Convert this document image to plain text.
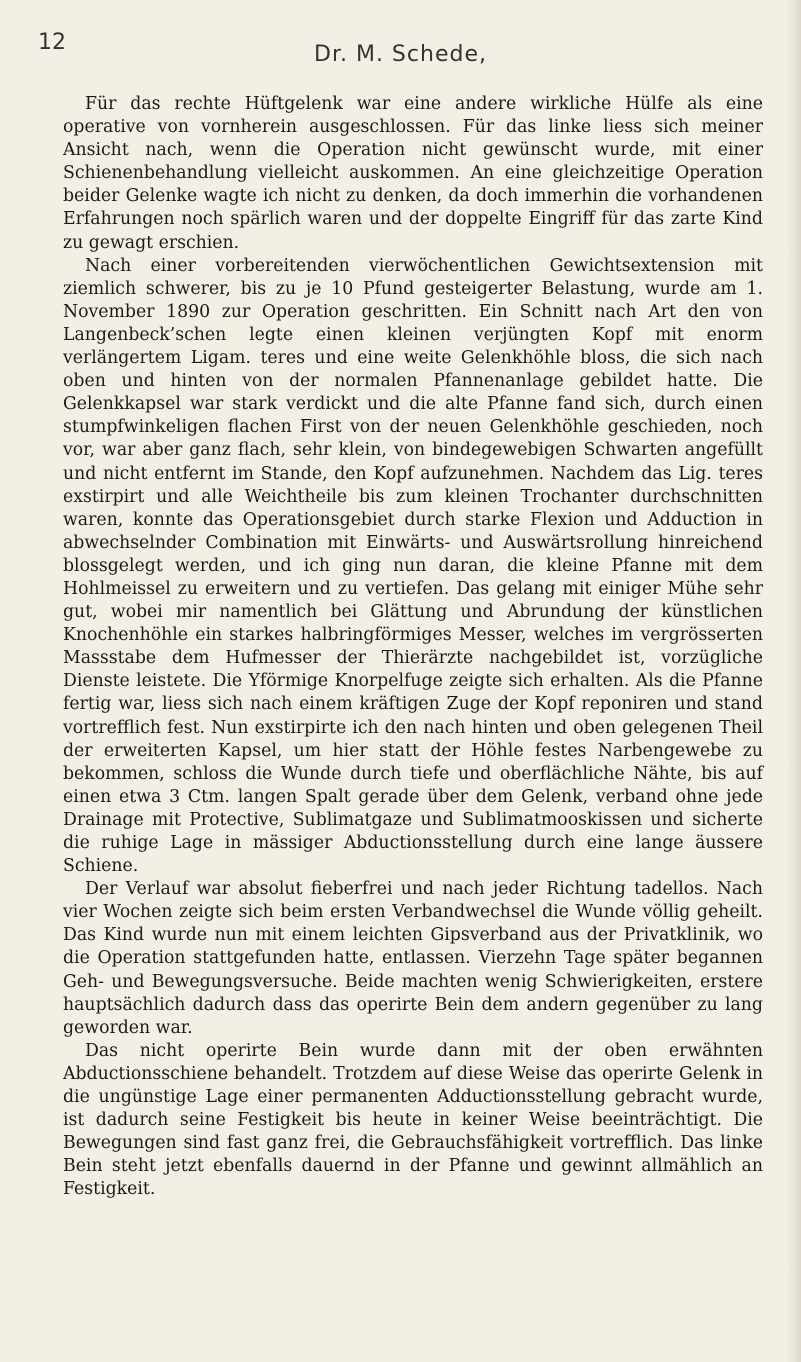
12	Dr. M. Schede,

Für das rechte Hüftgelenk war eine andere wirkliche Hülfe als eine operative von vornherein ausgeschlossen. Für das linke liess sich meiner Ansicht nach, wenn die Operation nicht gewünscht wurde, mit einer Schienenbehandlung vielleicht auskommen. An eine gleichzeitige Operation beider Gelenke wagte ich nicht zu denken, da doch immerhin die vorhandenen Erfahrungen noch spärlich waren und der doppelte Eingriff für das zarte Kind zu gewagt erschien.

Nach einer vorbereitenden vierwöchentlichen Gewichtsextension mit ziemlich schwerer, bis zu je 10 Pfund gesteigerter Belastung, wurde am 1. November 1890 zur Operation geschritten. Ein Schnitt nach Art den von Langenbeck’schen legte einen kleinen verjüngten Kopf mit enorm verlängertem Ligam. teres und eine weite Gelenkhöhle bloss, die sich nach oben und hinten von der normalen Pfannenanlage gebildet hatte. Die Gelenkkapsel war stark verdickt und die alte Pfanne fand sich, durch einen stumpfwinkeligen flachen First von der neuen Gelenkhöhle geschieden, noch vor, war aber ganz flach, sehr klein, von bindegewebigen Schwarten angefüllt und nicht entfernt im Stande, den Kopf aufzunehmen. Nachdem das Lig. teres exstirpirt und alle Weichtheile bis zum kleinen Trochanter durchschnitten waren, konnte das Operationsgebiet durch starke Flexion und Adduction in abwechselnder Combination mit Einwärts- und Auswärtsrollung hinreichend blossgelegt werden, und ich ging nun daran, die kleine Pfanne mit dem Hohlmeissel zu erweitern und zu vertiefen. Das gelang mit einiger Mühe sehr gut, wobei mir namentlich bei Glättung und Abrundung der künstlichen Knochenhöhle ein starkes halbringförmiges Messer, welches im vergrösserten Massstabe dem Hufmesser der Thierärzte nachgebildet ist, vorzügliche Dienste leistete. Die Yförmige Knorpelfuge zeigte sich erhalten. Als die Pfanne fertig war, liess sich nach einem kräftigen Zuge der Kopf reponiren und stand vortrefflich fest. Nun exstirpirte ich den nach hinten und oben gelegenen Theil der erweiterten Kapsel, um hier statt der Höhle festes Narbengewebe zu bekommen, schloss die Wunde durch tiefe und oberflächliche Nähte, bis auf einen etwa 3 Ctm. langen Spalt gerade über dem Gelenk, verband ohne jede Drainage mit Protective, Sublimatgaze und Sublimatmooskissen und sicherte die ruhige Lage in mässiger Abductionsstellung durch eine lange äussere Schiene.

Der Verlauf war absolut fieberfrei und nach jeder Richtung tadellos. Nach vier Wochen zeigte sich beim ersten Verbandwechsel die Wunde völlig geheilt. Das Kind wurde nun mit einem leichten Gipsverband aus der Privatklinik, wo die Operation stattgefunden hatte, entlassen. Vierzehn Tage später begannen Geh- und Bewegungsversuche. Beide machten wenig Schwierigkeiten, erstere hauptsächlich dadurch dass das operirte Bein dem andern gegenüber zu lang geworden war.

Das nicht operirte Bein wurde dann mit der oben erwähnten Abductionsschiene behandelt. Trotzdem auf diese Weise das operirte Gelenk in die ungünstige Lage einer permanenten Adductionsstellung gebracht wurde, ist dadurch seine Festigkeit bis heute in keiner Weise beeinträchtigt. Die Bewegungen sind fast ganz frei, die Gebrauchsfähigkeit vortrefflich. Das linke Bein steht jetzt ebenfalls dauernd in der Pfanne und gewinnt allmählich an Festigkeit.
